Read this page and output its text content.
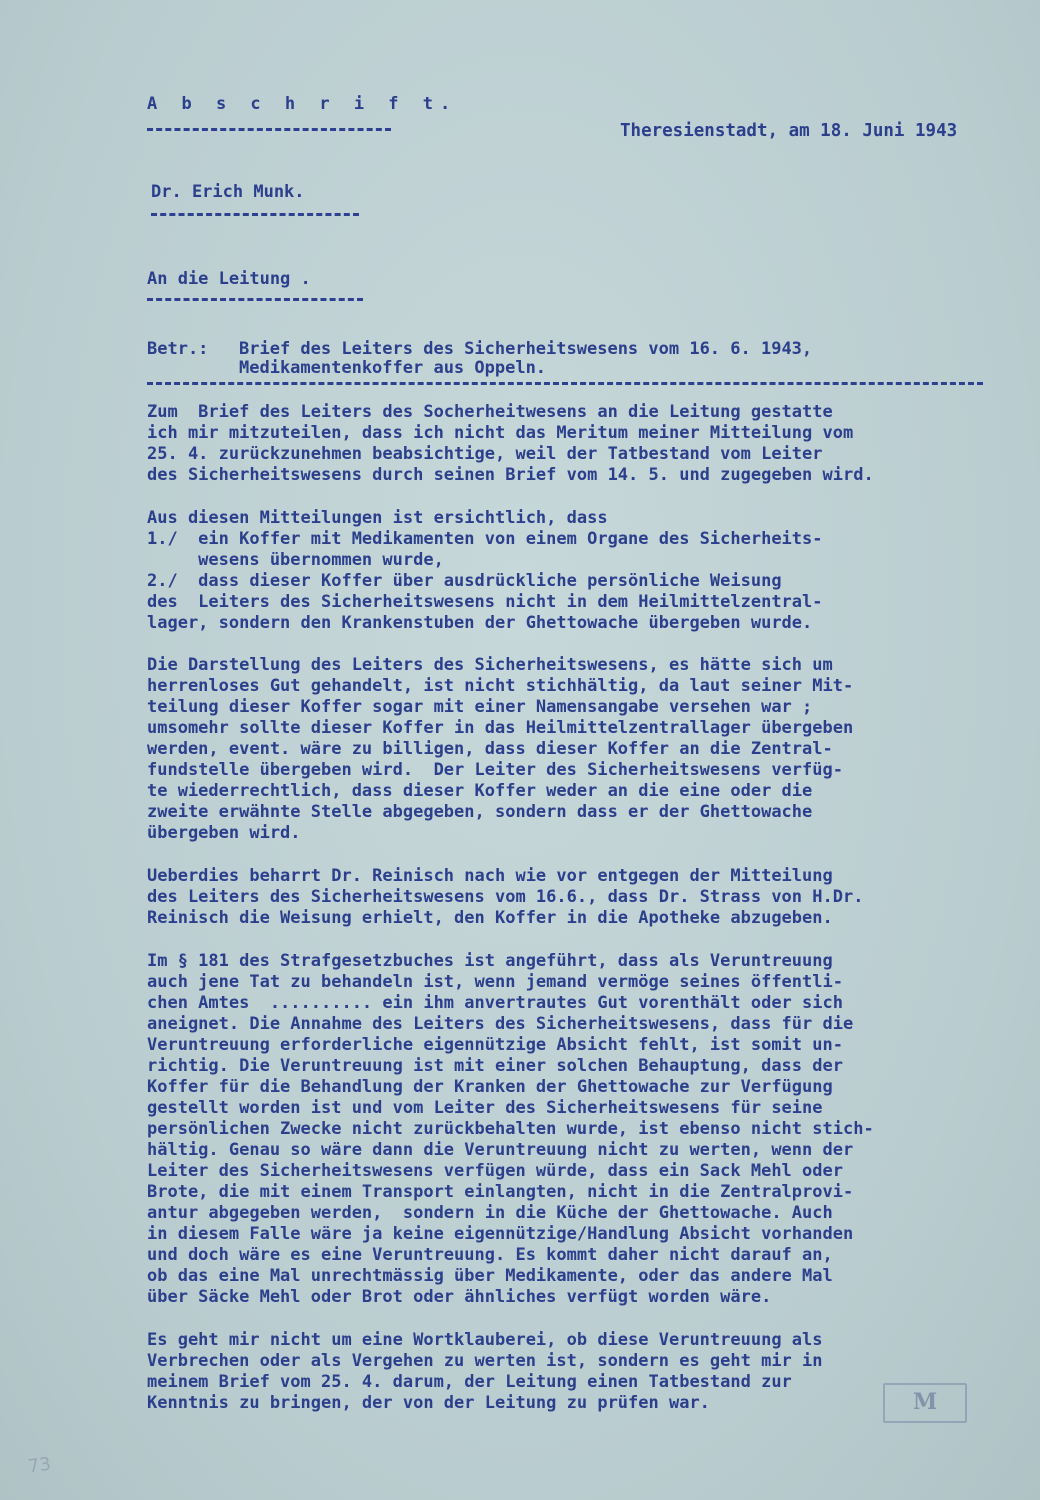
A b s c h r i f t.
Theresienstadt, am 18. Juni 1943
Dr. Erich Munk.
An die Leitung .
Betr.: Brief des Leiters des Sicherheitswesens vom 16. 6. 1943,
Medikamentenkoffer aus Oppeln.
Zum  Brief des Leiters des Socherheitwesens an die Leitung gestatte
ich mir mitzuteilen, dass ich nicht das Meritum meiner Mitteilung vom
25. 4. zurückzunehmen beabsichtige, weil der Tatbestand vom Leiter
des Sicherheitswesens durch seinen Brief vom 14. 5. und zugegeben wird.
Aus diesen Mitteilungen ist ersichtlich, dass
1./  ein Koffer mit Medikamenten von einem Organe des Sicherheits-
wesens übernommen wurde,
2./  dass dieser Koffer über ausdrückliche persönliche Weisung
des  Leiters des Sicherheitswesens nicht in dem Heilmittelzentral-
lager, sondern den Krankenstuben der Ghettowache übergeben wurde.
Die Darstellung des Leiters des Sicherheitswesens, es hätte sich um
herrenloses Gut gehandelt, ist nicht stichhältig, da laut seiner Mit-
teilung dieser Koffer sogar mit einer Namensangabe versehen war ;
umsomehr sollte dieser Koffer in das Heilmittelzentrallager übergeben
werden, event. wäre zu billigen, dass dieser Koffer an die Zentral-
fundstelle übergeben wird.  Der Leiter des Sicherheitswesens verfüg-
te wiederrechtlich, dass dieser Koffer weder an die eine oder die
zweite erwähnte Stelle abgegeben, sondern dass er der Ghettowache
übergeben wird.
Ueberdies beharrt Dr. Reinisch nach wie vor entgegen der Mitteilung
des Leiters des Sicherheitswesens vom 16.6., dass Dr. Strass von H.Dr.
Reinisch die Weisung erhielt, den Koffer in die Apotheke abzugeben.
Im § 181 des Strafgesetzbuches ist angeführt, dass als Veruntreuung
auch jene Tat zu behandeln ist, wenn jemand vermöge seines öffentli-
chen Amtes  .......... ein ihm anvertrautes Gut vorenthält oder sich
aneignet. Die Annahme des Leiters des Sicherheitswesens, dass für die
Veruntreuung erforderliche eigennützige Absicht fehlt, ist somit un-
richtig. Die Veruntreuung ist mit einer solchen Behauptung, dass der
Koffer für die Behandlung der Kranken der Ghettowache zur Verfügung
gestellt worden ist und vom Leiter des Sicherheitswesens für seine
persönlichen Zwecke nicht zurückbehalten wurde, ist ebenso nicht stich-
hältig. Genau so wäre dann die Veruntreuung nicht zu werten, wenn der
Leiter des Sicherheitswesens verfügen würde, dass ein Sack Mehl oder
Brote, die mit einem Transport einlangten, nicht in die Zentralprovi-
antur abgegeben werden,  sondern in die Küche der Ghettowache. Auch
in diesem Falle wäre ja keine eigennützige/Handlung Absicht vorhanden
und doch wäre es eine Veruntreuung. Es kommt daher nicht darauf an,
ob das eine Mal unrechtmässig über Medikamente, oder das andere Mal
über Säcke Mehl oder Brot oder ähnliches verfügt worden wäre.
Es geht mir nicht um eine Wortklauberei, ob diese Veruntreuung als
Verbrechen oder als Vergehen zu werten ist, sondern es geht mir in
meinem Brief vom 25. 4. darum, der Leitung einen Tatbestand zur
Kenntnis zu bringen, der von der Leitung zu prüfen war.	M
73
